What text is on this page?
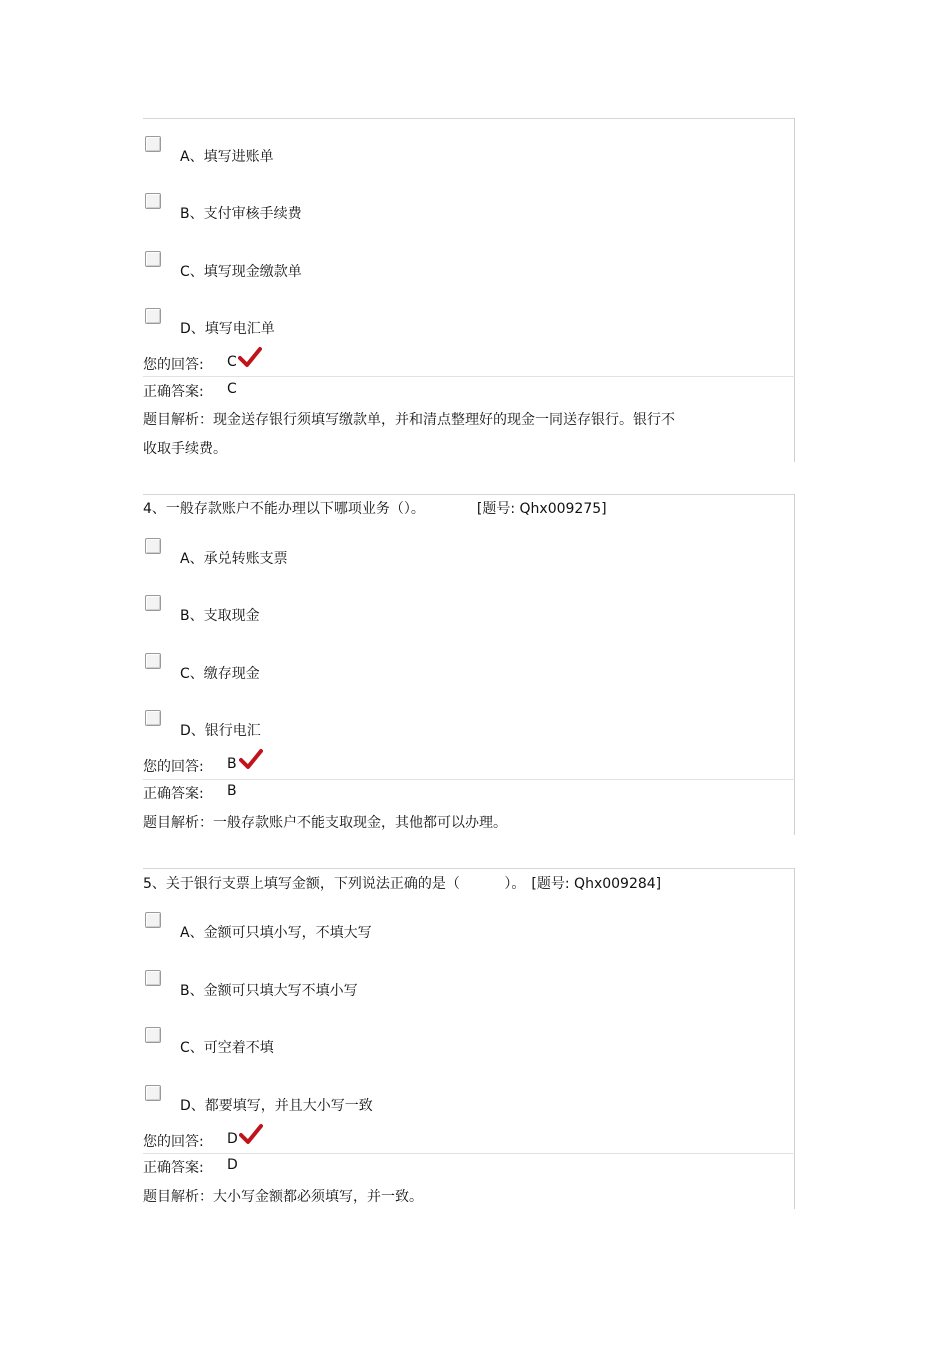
A、填写进账单
B、支付审核手续费
C、填写现金缴款单
D、填写电汇单
您的回答: C
正确答案: C
题目解析：现金送存银行须填写缴款单，并和清点整理好的现金一同送存银行。银行不
收取手续费。
4、一般存款账户不能办理以下哪项业务（）。	[题号: Qhx009275]
A、承兑转账支票
B、支取现金
C、缴存现金
D、银行电汇
您的回答: B
正确答案: B
题目解析：一般存款账户不能支取现金，其他都可以办理。
5、关于银行支票上填写金额，下列说法正确的是（          ）。 [题号: Qhx009284]
A、金额可只填小写，不填大写
B、金额可只填大写不填小写
C、可空着不填
D、都要填写，并且大小写一致
您的回答: D
正确答案: D
题目解析：大小写金额都必须填写，并一致。
